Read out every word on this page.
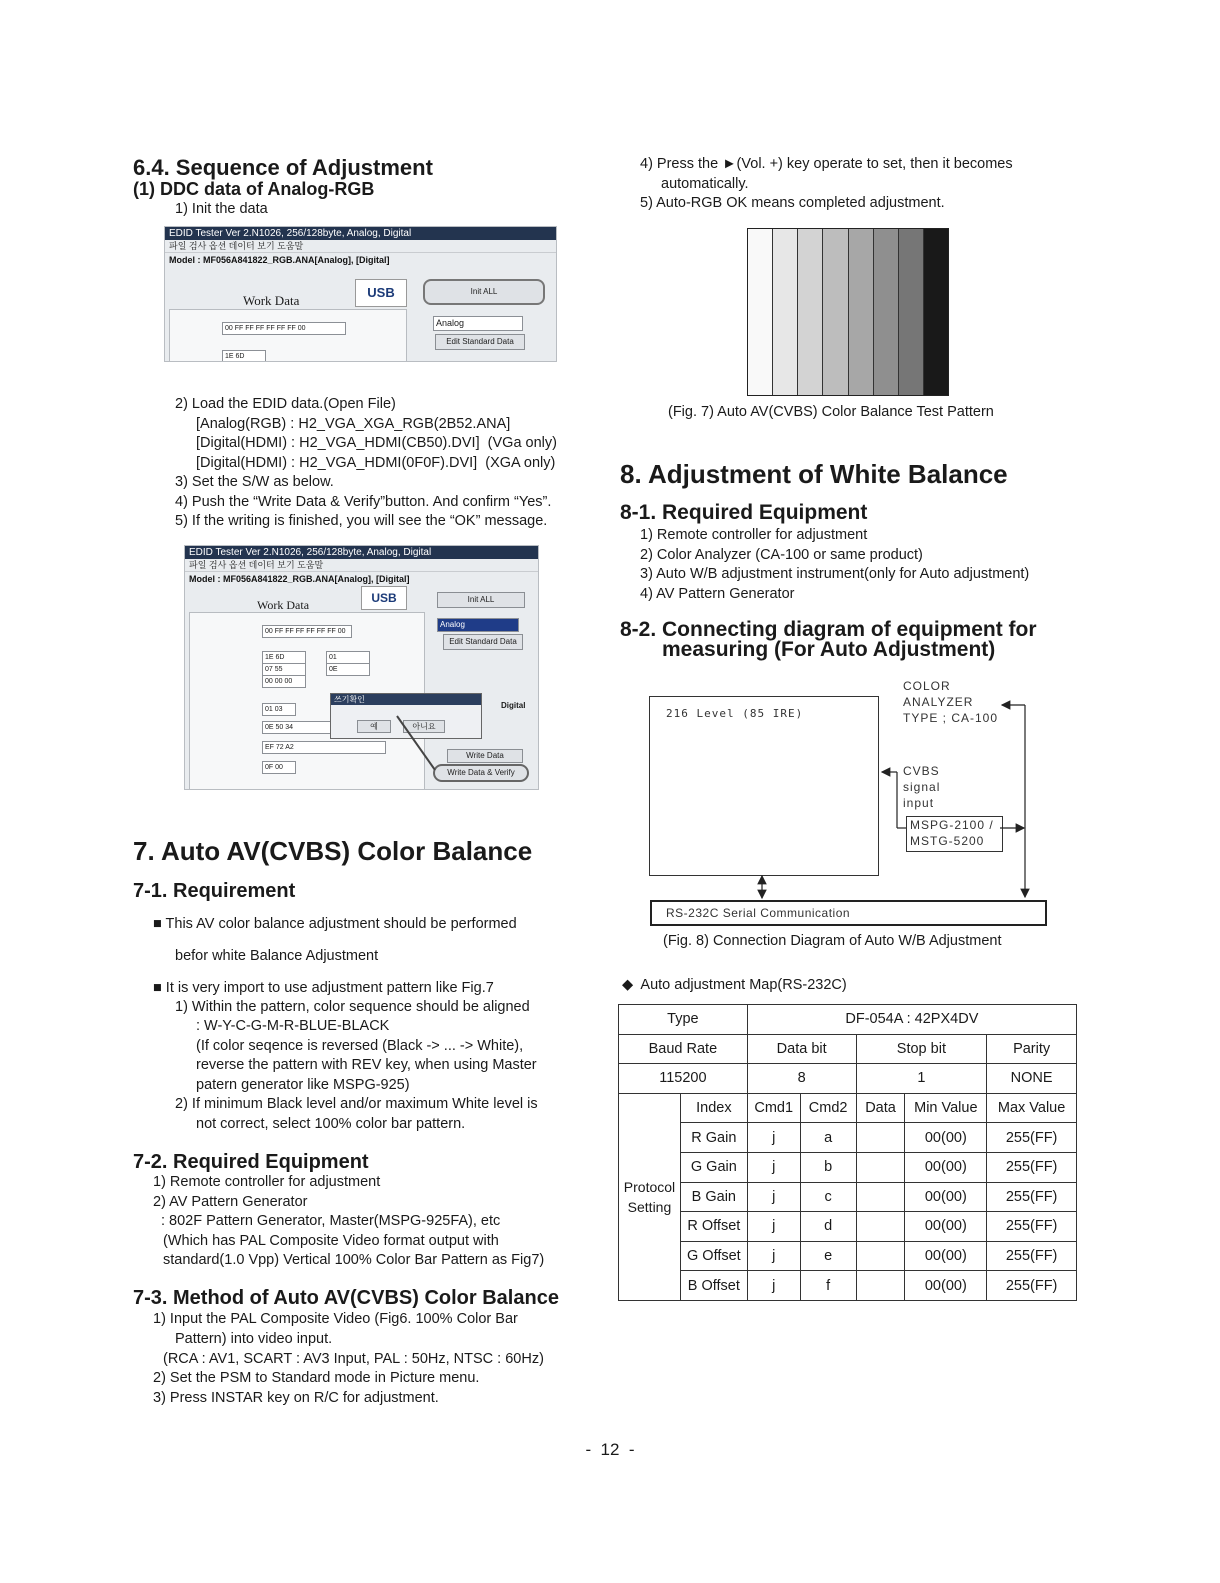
6.4. Sequence of Adjustment
(1) DDC data of Analog-RGB
1) Init the data
EDID Tester Ver 2.N1026, 256/128byte, Analog, Digital
파일 검사 옵션 데이터 보기 도움말
Model : MF056A841822_RGB.ANA[Analog], [Digital]
Work Data
USB
00 FF FF FF FF FF FF 00
1E 6D
Init ALL
Analog
Edit Standard Data
2) Load the EDID data.(Open File)
[Analog(RGB) : H2_VGA_XGA_RGB(2B52.ANA]
[Digital(HDMI) : H2_VGA_HDMI(CB50).DVI]  (VGa only)
[Digital(HDMI) : H2_VGA_HDMI(0F0F).DVI]  (XGA only)
3) Set the S/W as below.
4) Push the “Write Data & Verify”button. And confirm “Yes”.
5) If the writing is finished, you will see the “OK” message.
EDID Tester Ver 2.N1026, 256/128byte, Analog, Digital
파일 검사 옵션 데이터 보기 도움말
Model : MF056A841822_RGB.ANA[Analog], [Digital]
Work Data	USB
00 FF FF FF FF FF FF 00
1E 6D
07 55
00 00 00
01
0E
01 03
0E 50 34
EF 72 A2
0F 00
쓰기확인
예	아니요
Init ALL
Analog
Edit Standard Data
Digital
Write Data
Write Data & Verify
7. Auto AV(CVBS) Color Balance
7-1. Requirement
■ This AV color balance adjustment should be performed
befor white Balance Adjustment
■ It is very import to use adjustment pattern like Fig.7
1) Within the pattern, color sequence should be aligned
: W-Y-C-G-M-R-BLUE-BLACK
(If color seqence is reversed (Black -> ... -> White),
reverse the pattern with REV key, when using Master
patern generator like MSPG-925)
2) If minimum Black level and/or maximum White level is
not correct, select 100% color bar pattern.
7-2. Required Equipment
1) Remote controller for adjustment
2) AV Pattern Generator
: 802F Pattern Generator, Master(MSPG-925FA), etc
(Which has PAL Composite Video format output with
standard(1.0 Vpp) Vertical 100% Color Bar Pattern as Fig7)
7-3. Method of Auto AV(CVBS) Color Balance
1) Input the PAL Composite Video (Fig6. 100% Color Bar
Pattern) into video input.
(RCA : AV1, SCART : AV3 Input, PAL : 50Hz, NTSC : 60Hz)
2) Set the PSM to Standard mode in Picture menu.
3) Press INSTAR key on R/C for adjustment.
4) Press the ►(Vol. +) key operate to set, then it becomes
automatically.
5) Auto-RGB OK means completed adjustment.
(Fig. 7) Auto AV(CVBS) Color Balance Test Pattern
8. Adjustment of White Balance
8-1. Required Equipment
1) Remote controller for adjustment
2) Color Analyzer (CA-100 or same product)
3) Auto W/B adjustment instrument(only for Auto adjustment)
4) AV Pattern Generator
8-2. Connecting diagram of equipment for
measuring (For Auto Adjustment)
216 Level (85 IRE)
COLOR
ANALYZER
TYPE ; CA-100
CVBS
signal
input
MSPG-2100 /
MSTG-5200
RS-232C Serial Communication
(Fig. 8) Connection Diagram of Auto W/B Adjustment
◆  Auto adjustment Map(RS-232C)
Type		DF-054A : 42PX4DV				
Baud Rate		Data bit		Stop bit		Parity
115200		8		1		NONE
Protocol Setting	Index	Cmd1	Cmd2	Data	Min Value	Max Value
	R Gain	j	a		00(00)	255(FF)
	G Gain	j	b		00(00)	255(FF)
	B Gain	j	c		00(00)	255(FF)
	R Offset	j	d		00(00)	255(FF)
	G Offset	j	e		00(00)	255(FF)
	B Offset	j	f		00(00)	255(FF)
-  12  -
